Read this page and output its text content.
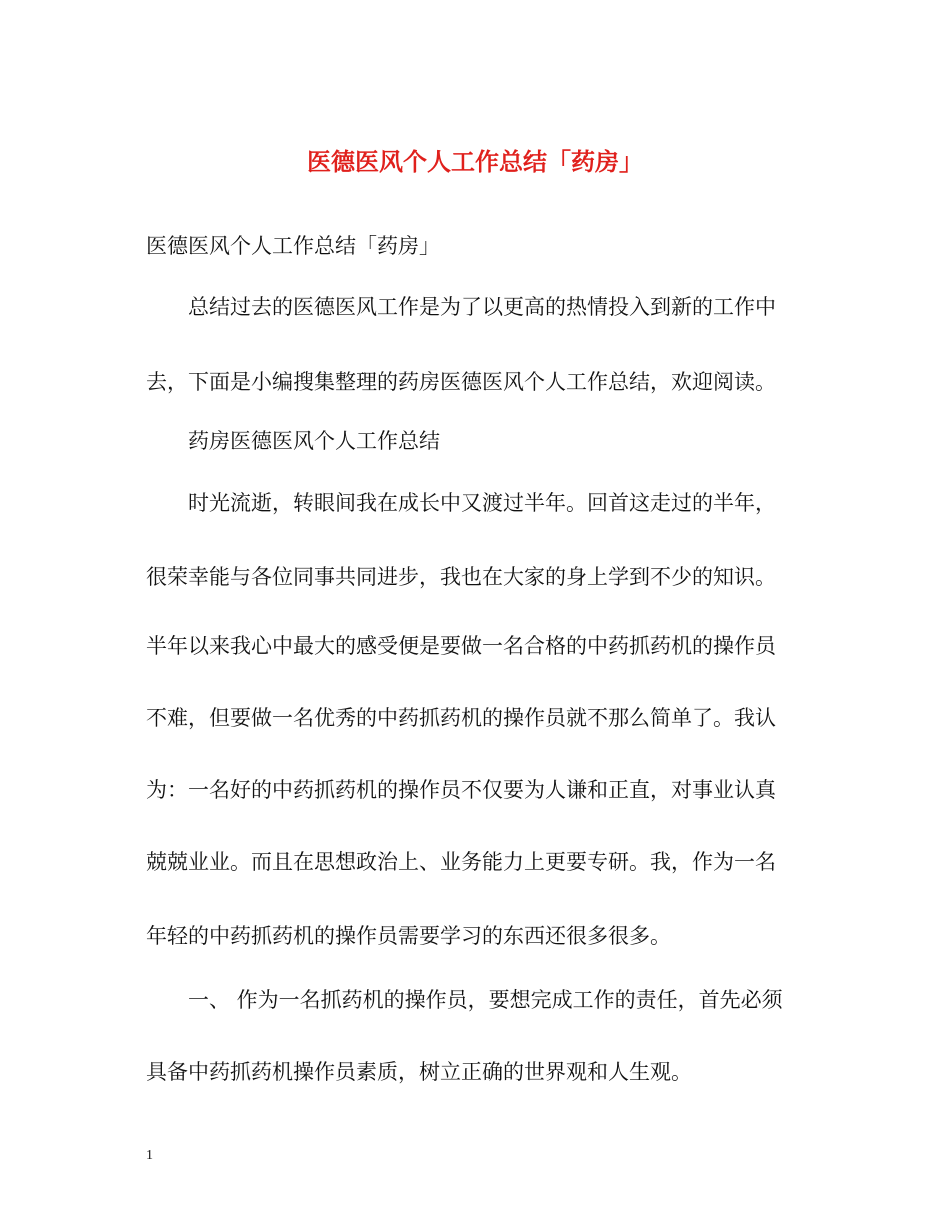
医德医风个人工作总结「药房」
医德医风个人工作总结「药房」
总结过去的医德医风工作是为了以更高的热情投入到新的工作中
去，下面是小编搜集整理的药房医德医风个人工作总结，欢迎阅读。
药房医德医风个人工作总结
时光流逝，转眼间我在成长中又渡过半年。回首这走过的半年，
很荣幸能与各位同事共同进步，我也在大家的身上学到不少的知识。
半年以来我心中最大的感受便是要做一名合格的中药抓药机的操作员
不难，但要做一名优秀的中药抓药机的操作员就不那么简单了。我认
为：一名好的中药抓药机的操作员不仅要为人谦和正直，对事业认真
兢兢业业。而且在思想政治上、业务能力上更要专研。我，作为一名
年轻的中药抓药机的操作员需要学习的东西还很多很多。
一、 作为一名抓药机的操作员，要想完成工作的责任，首先必须
具备中药抓药机操作员素质，树立正确的世界观和人生观。
1
